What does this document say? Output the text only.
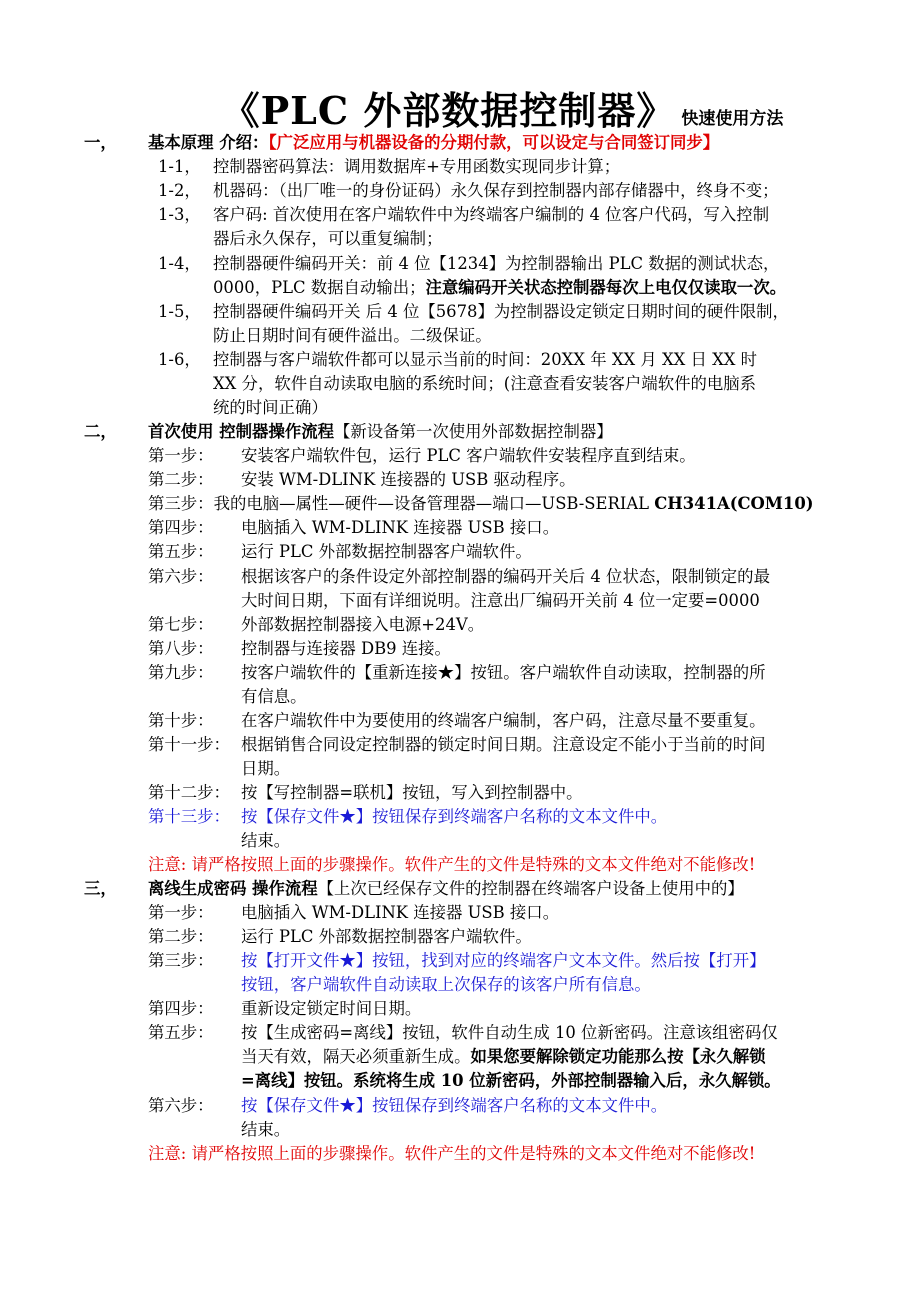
《PLC 外部数据控制器》 快速使用方法
一， 基本原理 介绍：【广泛应用与机器设备的分期付款，可以设定与合同签订同步】
1-1， 控制器密码算法：调用数据库+专用函数实现同步计算；
1-2， 机器码：（出厂唯一的身份证码）永久保存到控制器内部存储器中，终身不变；
1-3， 客户码: 首次使用在客户端软件中为终端客户编制的 4 位客户代码，写入控制
器后永久保存，可以重复编制；
1-4， 控制器硬件编码开关：前 4 位【1234】为控制器输出 PLC 数据的测试状态，
0000，PLC 数据自动输出；注意编码开关状态控制器每次上电仅仅读取一次。
1-5， 控制器硬件编码开关 后 4 位【5678】为控制器设定锁定日期时间的硬件限制，
防止日期时间有硬件溢出。二级保证。
1-6， 控制器与客户端软件都可以显示当前的时间：20XX 年 XX 月 XX 日 XX 时
XX 分，软件自动读取电脑的系统时间；(注意查看安装客户端软件的电脑系
统的时间正确）
二， 首次使用 控制器操作流程【新设备第一次使用外部数据控制器】
第一步： 安装客户端软件包，运行 PLC 客户端软件安装程序直到结束。
第二步： 安装 WM-DLINK 连接器的 USB 驱动程序。
第三步：我的电脑—属性—硬件—设备管理器—端口—USB-SERIAL CH341A(COM10)
第四步： 电脑插入 WM-DLINK 连接器 USB 接口。
第五步： 运行 PLC 外部数据控制器客户端软件。
第六步： 根据该客户的条件设定外部控制器的编码开关后 4 位状态，限制锁定的最
大时间日期，下面有详细说明。注意出厂编码开关前 4 位一定要=0000
第七步： 外部数据控制器接入电源+24V。
第八步： 控制器与连接器 DB9 连接。
第九步： 按客户端软件的【重新连接★】按钮。客户端软件自动读取，控制器的所
有信息。
第十步： 在客户端软件中为要使用的终端客户编制，客户码，注意尽量不要重复。
第十一步： 根据销售合同设定控制器的锁定时间日期。注意设定不能小于当前的时间
日期。
第十二步： 按【写控制器=联机】按钮，写入到控制器中。
第十三步： 按【保存文件★】按钮保存到终端客户名称的文本文件中。
结束。
注意: 请严格按照上面的步骤操作。软件产生的文件是特殊的文本文件绝对不能修改!
三， 离线生成密码 操作流程【上次已经保存文件的控制器在终端客户设备上使用中的】
第一步： 电脑插入 WM-DLINK 连接器 USB 接口。
第二步： 运行 PLC 外部数据控制器客户端软件。
第三步： 按【打开文件★】按钮，找到对应的终端客户文本文件。然后按【打开】
按钮，客户端软件自动读取上次保存的该客户所有信息。
第四步： 重新设定锁定时间日期。
第五步： 按【生成密码=离线】按钮，软件自动生成 10 位新密码。注意该组密码仅
当天有效，隔天必须重新生成。如果您要解除锁定功能那么按【永久解锁
=离线】按钮。系统将生成 10 位新密码，外部控制器输入后，永久解锁。
第六步： 按【保存文件★】按钮保存到终端客户名称的文本文件中。
结束。
注意: 请严格按照上面的步骤操作。软件产生的文件是特殊的文本文件绝对不能修改!
